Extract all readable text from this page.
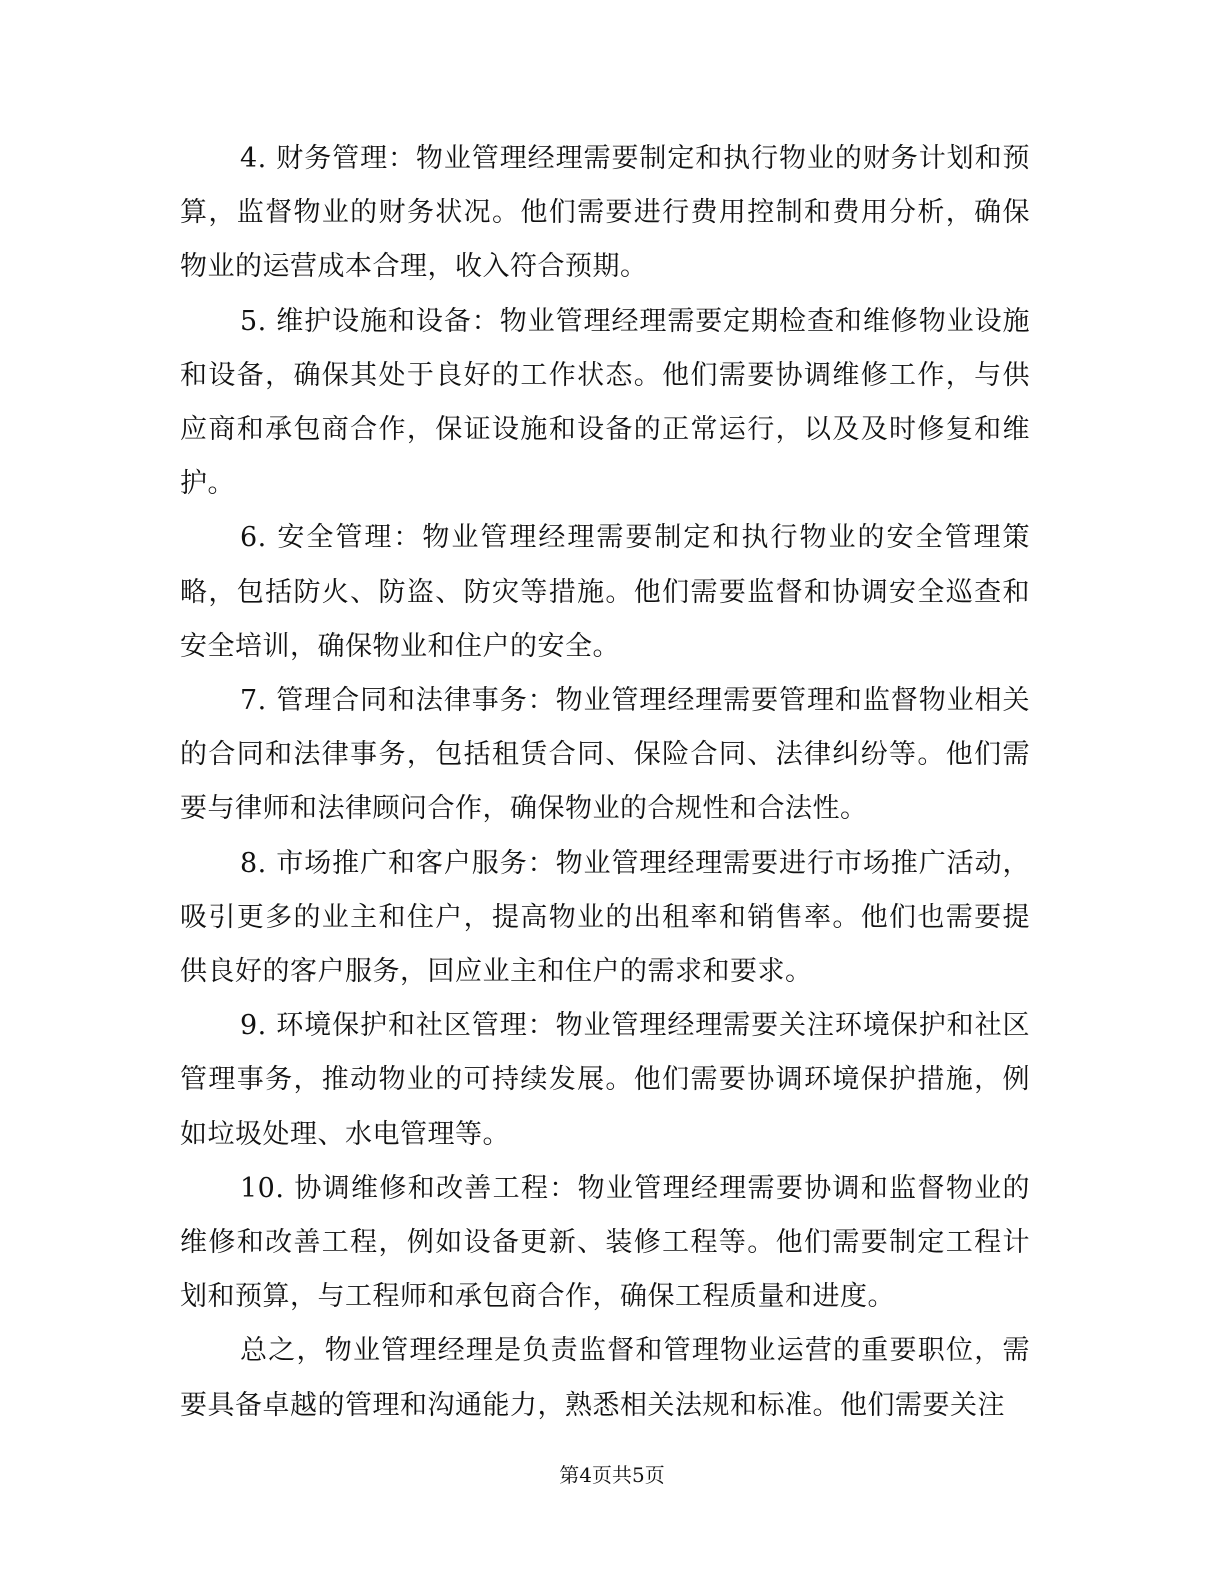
4. 财务管理：物业管理经理需要制定和执行物业的财务计划和预算，监督物业的财务状况。他们需要进行费用控制和费用分析，确保物业的运营成本合理，收入符合预期。

5. 维护设施和设备：物业管理经理需要定期检查和维修物业设施和设备，确保其处于良好的工作状态。他们需要协调维修工作，与供应商和承包商合作，保证设施和设备的正常运行，以及及时修复和维护。

6. 安全管理：物业管理经理需要制定和执行物业的安全管理策略，包括防火、防盗、防灾等措施。他们需要监督和协调安全巡查和安全培训，确保物业和住户的安全。

7. 管理合同和法律事务：物业管理经理需要管理和监督物业相关的合同和法律事务，包括租赁合同、保险合同、法律纠纷等。他们需要与律师和法律顾问合作，确保物业的合规性和合法性。

8. 市场推广和客户服务：物业管理经理需要进行市场推广活动，吸引更多的业主和住户，提高物业的出租率和销售率。他们也需要提供良好的客户服务，回应业主和住户的需求和要求。

9. 环境保护和社区管理：物业管理经理需要关注环境保护和社区管理事务，推动物业的可持续发展。他们需要协调环境保护措施，例如垃圾处理、水电管理等。

10. 协调维修和改善工程：物业管理经理需要协调和监督物业的维修和改善工程，例如设备更新、装修工程等。他们需要制定工程计划和预算，与工程师和承包商合作，确保工程质量和进度。

总之，物业管理经理是负责监督和管理物业运营的重要职位，需要具备卓越的管理和沟通能力，熟悉相关法规和标准。他们需要关注

第4页共5页
